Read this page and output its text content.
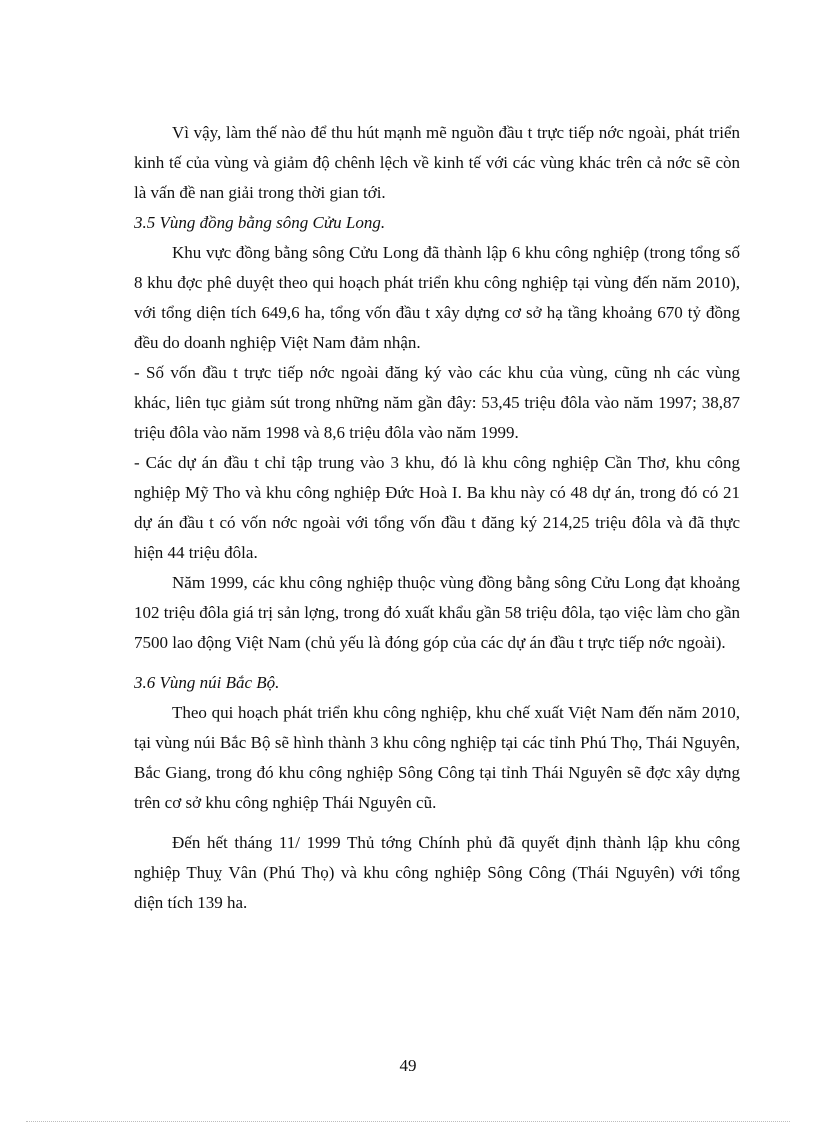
Vì vậy, làm thế nào để thu hút mạnh mẽ nguồn đầu t trực tiếp nớc ngoài, phát triển kinh tế của vùng và giảm độ chênh lệch về kinh tế với các vùng khác trên cả nớc sẽ còn là vấn đề nan giải trong thời gian tới.

3.5 Vùng đồng bằng sông Cửu Long.

Khu vực đồng bằng sông Cửu Long đã thành lập 6 khu công nghiệp (trong tổng số 8 khu đợc phê duyệt theo qui hoạch phát triển khu công nghiệp tại vùng đến năm 2010), với tổng diện tích 649,6 ha, tổng vốn đầu t xây dựng cơ sở hạ tầng khoảng 670 tỷ đồng đều do doanh nghiệp Việt Nam đảm nhận.

- Số vốn đầu t trực tiếp nớc ngoài đăng ký vào các khu của vùng, cũng nh các vùng khác, liên tục giảm sút trong những năm gần đây: 53,45 triệu đôla vào năm 1997; 38,87 triệu đôla vào năm 1998 và 8,6 triệu đôla vào năm 1999.

- Các dự án đầu t chỉ tập trung vào 3 khu, đó là khu công nghiệp Cần Thơ, khu công nghiệp Mỹ Tho và khu công nghiệp Đức Hoà I. Ba khu này có 48 dự án, trong đó có 21 dự án đầu t có vốn nớc ngoài với tổng vốn đầu t đăng ký 214,25 triệu đôla và đã thực hiện 44 triệu đôla.

Năm 1999, các khu công nghiệp thuộc vùng đồng bằng sông Cửu Long đạt khoảng 102 triệu đôla giá trị sản lợng, trong đó xuất khẩu gần 58 triệu đôla, tạo việc làm cho gần 7500 lao động Việt Nam (chủ yếu là đóng góp của các dự án đầu t trực tiếp nớc ngoài).

3.6 Vùng núi Bắc Bộ.

Theo qui hoạch phát triển khu công nghiệp, khu chế xuất Việt Nam đến năm 2010, tại vùng núi Bắc Bộ sẽ hình thành 3 khu công nghiệp tại các tỉnh Phú Thọ, Thái Nguyên, Bắc Giang, trong đó khu công nghiệp Sông Công tại tỉnh Thái Nguyên sẽ đợc xây dựng trên cơ sở khu công nghiệp Thái Nguyên cũ.

Đến hết tháng 11/ 1999 Thủ tớng Chính phủ đã quyết định thành lập khu công nghiệp Thuỵ Vân (Phú Thọ) và khu công nghiệp Sông Công (Thái Nguyên) với tổng diện tích 139 ha.

49
